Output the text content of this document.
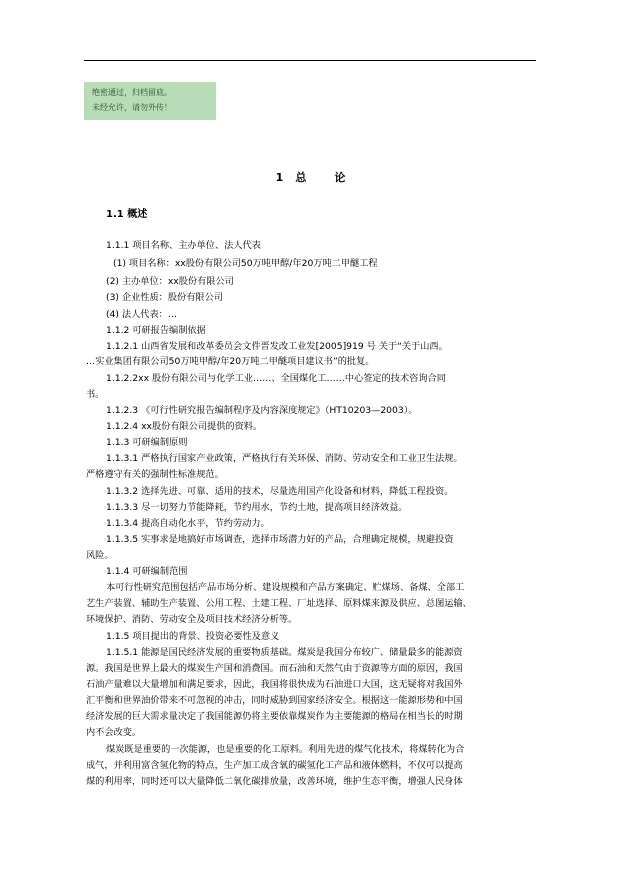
绝密通过，归档留底。
未经允许，请勿外传！
1 总	论
1.1 概述
1.1.1 项目名称、主办单位、法人代表
(1) 项目名称：xx股份有限公司50万吨甲醇/年20万吨二甲醚工程
(2) 主办单位：xx股份有限公司
(3) 企业性质：股份有限公司
(4) 法人代表：…
1.1.2 可研报告编制依据
1.1.2.1 山西省发展和改革委员会文件晋发改工业发[2005]919 号 关于“关于山西。
…实业集团有限公司50万吨甲醇/年20万吨二甲醚项目建议书”的批复。
1.1.2.2xx 股份有限公司与化学工业……、全国煤化工……中心签定的技术咨询合同
书。
1.1.2.3 《可行性研究报告编制程序及内容深度规定》（HT10203—2003）。
1.1.2.4 xx股份有限公司提供的资料。
1.1.3 可研编制原则
1.1.3.1 严格执行国家产业政策，严格执行有关环保、消防、劳动安全和工业卫生法规。
严格遵守有关的强制性标准规范。
1.1.3.2 选择先进、可靠、适用的技术，尽量选用国产化设备和材料，降低工程投资。
1.1.3.3 尽一切努力节能降耗，节约用水，节约土地，提高项目经济效益。
1.1.3.4 提高自动化水平，节约劳动力。
1.1.3.5 实事求是地搞好市场调查，选择市场潜力好的产品，合理确定规模，规避投资
风险。
1.1.4 可研编制范围
本可行性研究范围包括产品市场分析、建设规模和产品方案确定、贮煤场、备煤、全部工
艺生产装置、辅助生产装置、公用工程、土建工程、厂址选择、原料煤来源及供应、总图运输、
环境保护、消防、劳动安全及项目技术经济分析等。
1.1.5 项目提出的背景、投资必要性及意义
1.1.5.1 能源是国民经济发展的重要物质基础。煤炭是我国分布较广、储量最多的能源资
源。我国是世界上最大的煤炭生产国和消费国。而石油和天然气由于资源等方面的原因，我国
石油产量难以大量增加和满足要求，因此，我国将很快成为石油进口大国，这无疑将对我国外
汇平衡和世界油价带来不可忽视的冲击，同时威胁到国家经济安全。根据这一能源形势和中国
经济发展的巨大需求量决定了我国能源仍将主要依靠煤炭作为主要能源的格局在相当长的时期
内不会改变。
煤炭既是重要的一次能源，也是重要的化工原料。利用先进的煤气化技术，将煤转化为合
成气，并利用富含氢化物的特点，生产加工成含氧的碳氢化工产品和液体燃料，不仅可以提高
煤的利用率，同时还可以大量降低二氧化碳排放量，改善环境，维护生态平衡，增强人民身体
